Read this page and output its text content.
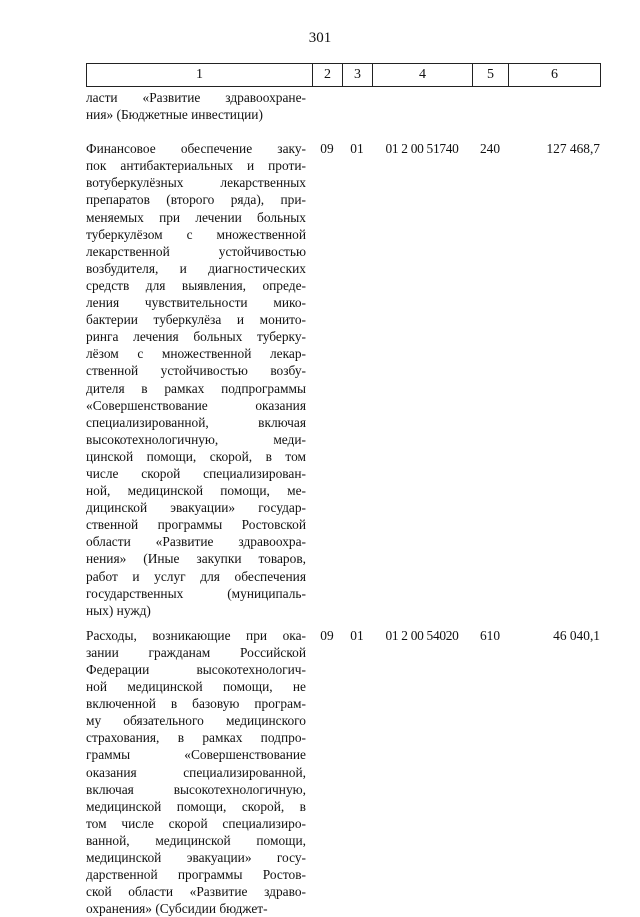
301
1	2	3	4	5	6
ласти «Развитие здравоохране-
ния» (Бюджетные инвестиции)
Финансовое обеспечение заку-
пок антибактериальных и проти-
вотуберкулёзных лекарственных
препаратов (второго ряда), при-
меняемых при лечении больных
туберкулёзом с множественной
лекарственной устойчивостью
возбудителя, и диагностических
средств для выявления, опреде-
ления чувствительности мико-
бактерии туберкулёза и монито-
ринга лечения больных туберку-
лёзом с множественной лекар-
ственной устойчивостью возбу-
дителя в рамках подпрограммы
«Совершенствование оказания
специализированной, включая
высокотехнологичную, меди-
цинской помощи, скорой, в том
числе скорой специализирован-
ной, медицинской помощи, ме-
дицинской эвакуации» государ-
ственной программы Ростовской
области «Развитие здравоохра-
нения» (Иные закупки товаров,
работ и услуг для обеспечения
государственных (муниципаль-
ных) нужд)
09	01	01 2 00 51740	240	127 468,7
Расходы, возникающие при ока-
зании гражданам Российской
Федерации высокотехнологич-
ной медицинской помощи, не
включенной в базовую програм-
му обязательного медицинского
страхования, в рамках подпро-
граммы «Совершенствование
оказания специализированной,
включая высокотехнологичную,
медицинской помощи, скорой, в
том числе скорой специализиро-
ванной, медицинской помощи,
медицинской эвакуации» госу-
дарственной программы Ростов-
ской области «Развитие здраво-
охранения» (Субсидии бюджет-
09	01	01 2 00 54020	610	46 040,1
